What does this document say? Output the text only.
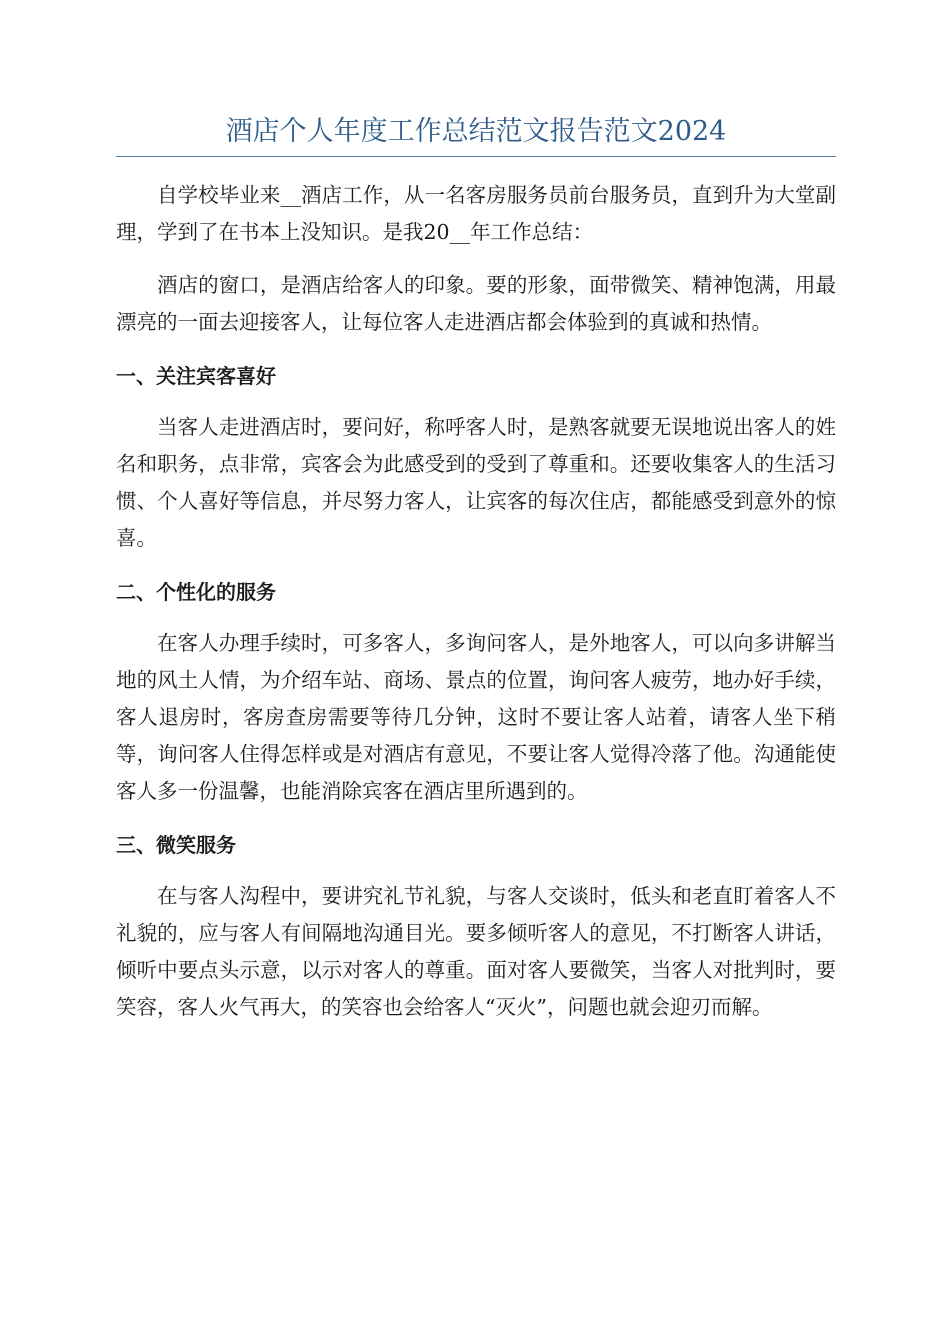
酒店个人年度工作总结范文报告范文2024

自学校毕业来__酒店工作，从一名客房服务员前台服务员，直到升为大堂副理，学到了在书本上没知识。是我20__年工作总结：

酒店的窗口，是酒店给客人的印象。要的形象，面带微笑、精神饱满，用最漂亮的一面去迎接客人，让每位客人走进酒店都会体验到的真诚和热情。

一、关注宾客喜好

当客人走进酒店时，要问好，称呼客人时，是熟客就要无误地说出客人的姓名和职务，点非常，宾客会为此感受到的受到了尊重和。还要收集客人的生活习惯、个人喜好等信息，并尽努力客人，让宾客的每次住店，都能感受到意外的惊喜。

二、个性化的服务

在客人办理手续时，可多客人，多询问客人，是外地客人，可以向多讲解当地的风土人情，为介绍车站、商场、景点的位置，询问客人疲劳，地办好手续，客人退房时，客房查房需要等待几分钟，这时不要让客人站着，请客人坐下稍等，询问客人住得怎样或是对酒店有意见，不要让客人觉得冷落了他。沟通能使客人多一份温馨，也能消除宾客在酒店里所遇到的。

三、微笑服务

在与客人沟程中，要讲究礼节礼貌，与客人交谈时，低头和老直盯着客人不礼貌的，应与客人有间隔地沟通目光。要多倾听客人的意见，不打断客人讲话，倾听中要点头示意，以示对客人的尊重。面对客人要微笑，当客人对批判时，要笑容，客人火气再大，的笑容也会给客人“灭火”，问题也就会迎刃而解。
